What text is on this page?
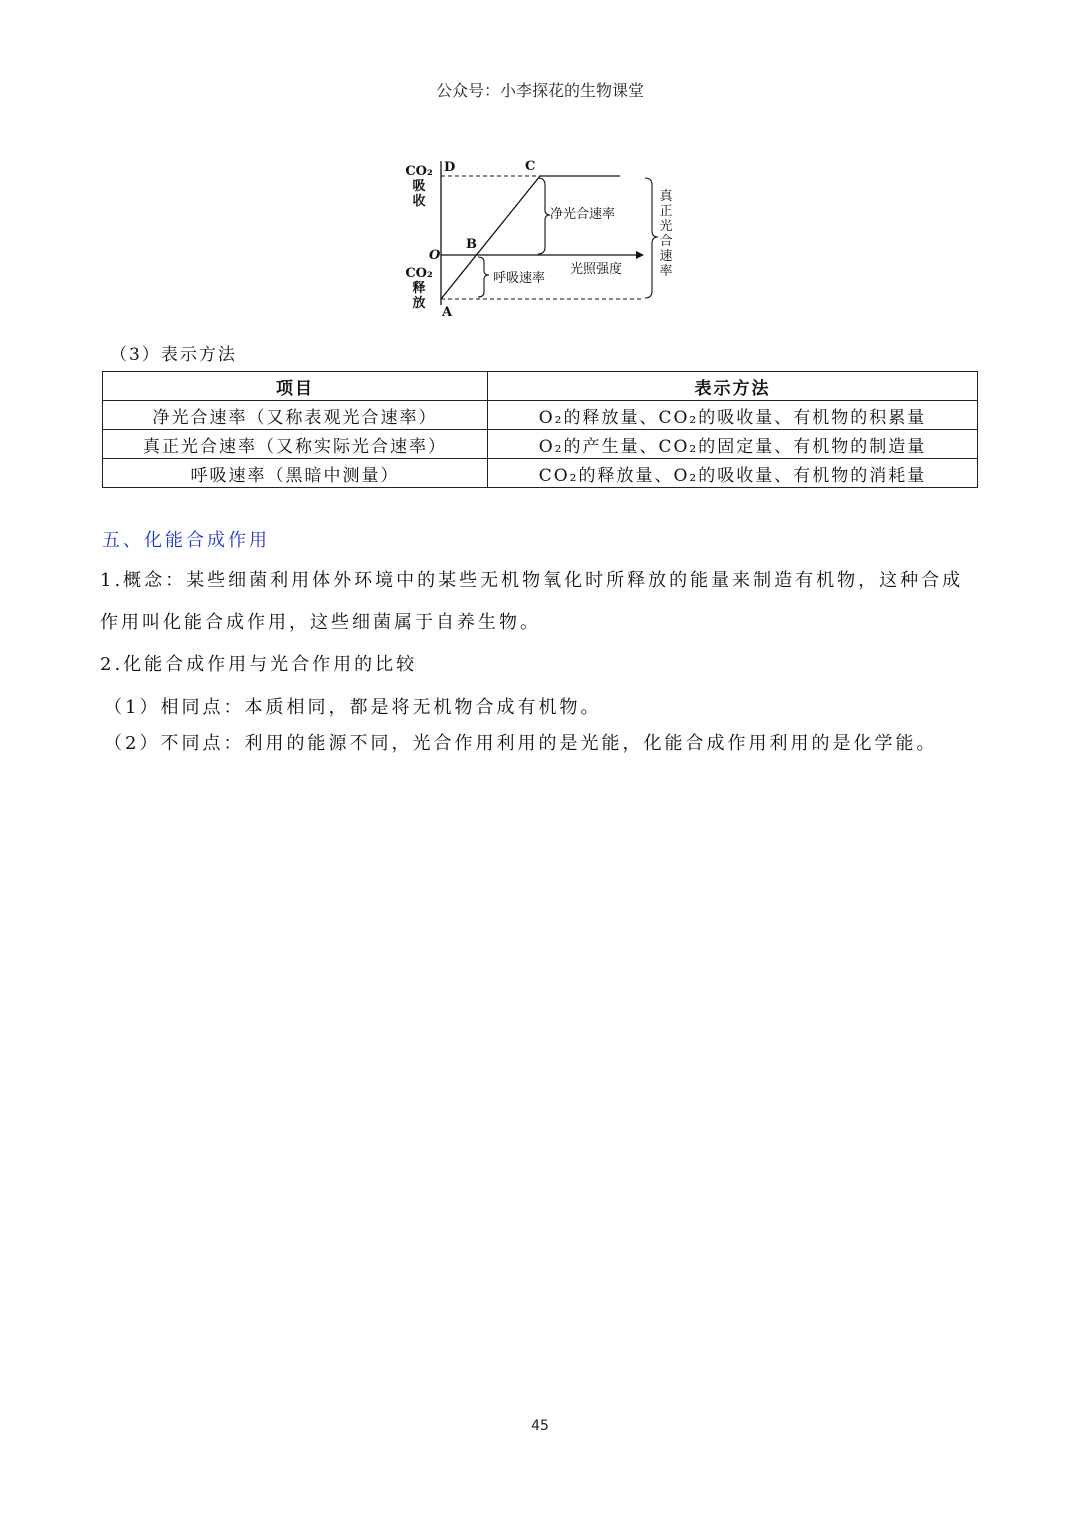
公众号：小李探花的生物课堂
CO₂
吸
收
CO₂
释
放
D	C
B
O
A
净光合速率
呼吸速率
光照强度
真
正
光
合
速
率
（3）表示方法
项目	表示方法
净光合速率（又称表观光合速率）	O₂的释放量、CO₂的吸收量、有机物的积累量
真正光合速率（又称实际光合速率）	O₂的产生量、CO₂的固定量、有机物的制造量
呼吸速率（黑暗中测量）	CO₂的释放量、O₂的吸收量、有机物的消耗量
五、化能合成作用
1.概念：某些细菌利用体外环境中的某些无机物氧化时所释放的能量来制造有机物，这种合成
作用叫化能合成作用，这些细菌属于自养生物。
2.化能合成作用与光合作用的比较
（1）相同点：本质相同，都是将无机物合成有机物。
（2）不同点：利用的能源不同，光合作用利用的是光能，化能合成作用利用的是化学能。
45
